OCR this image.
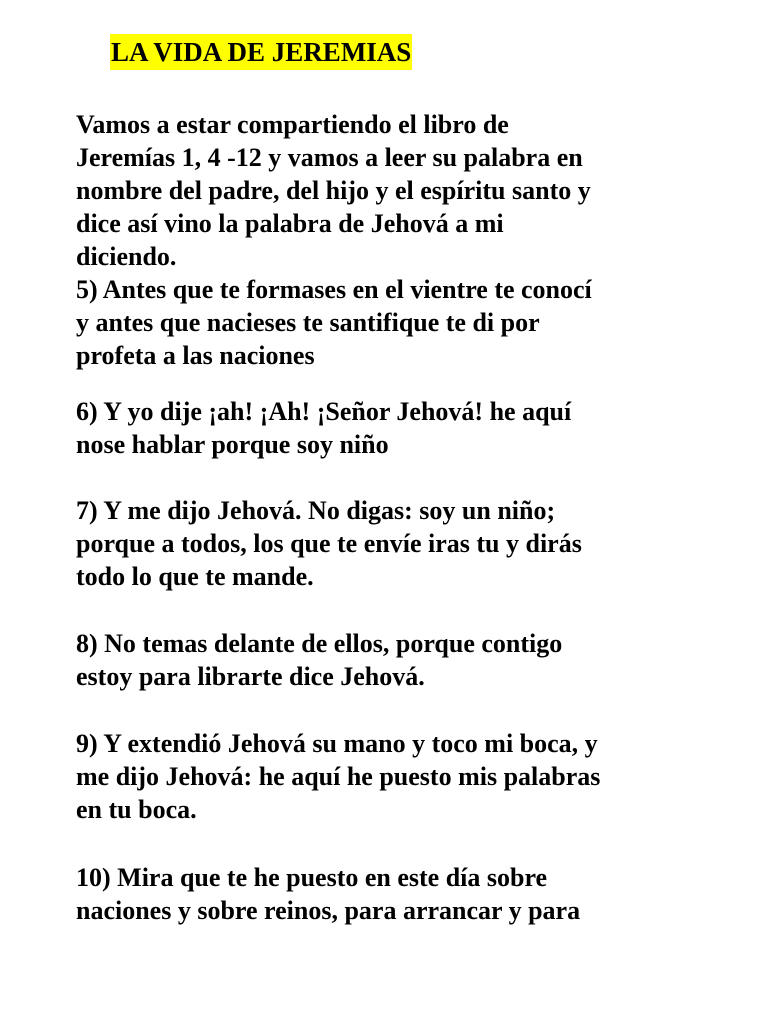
LA VIDA DE JEREMIAS

Vamos a estar compartiendo el libro de
Jeremías 1, 4 -12 y vamos a leer su palabra en
nombre del padre, del hijo y el espíritu santo y
dice así vino la palabra de Jehová a mi
diciendo.
5) Antes que te formases en el vientre te conocí
y antes que nacieses te santifique te di por
profeta a las naciones

6) Y yo dije ¡ah! ¡Ah! ¡Señor Jehová! he aquí
nose hablar porque soy niño

7) Y me dijo Jehová. No digas: soy un niño;
porque a todos, los que te envíe iras tu y dirás
todo lo que te mande.

8) No temas delante de ellos, porque contigo
estoy para librarte dice Jehová.

9) Y extendió Jehová su mano y toco mi boca, y
me dijo Jehová: he aquí he puesto mis palabras
en tu boca.

10) Mira que te he puesto en este día sobre
naciones y sobre reinos, para arrancar y para
